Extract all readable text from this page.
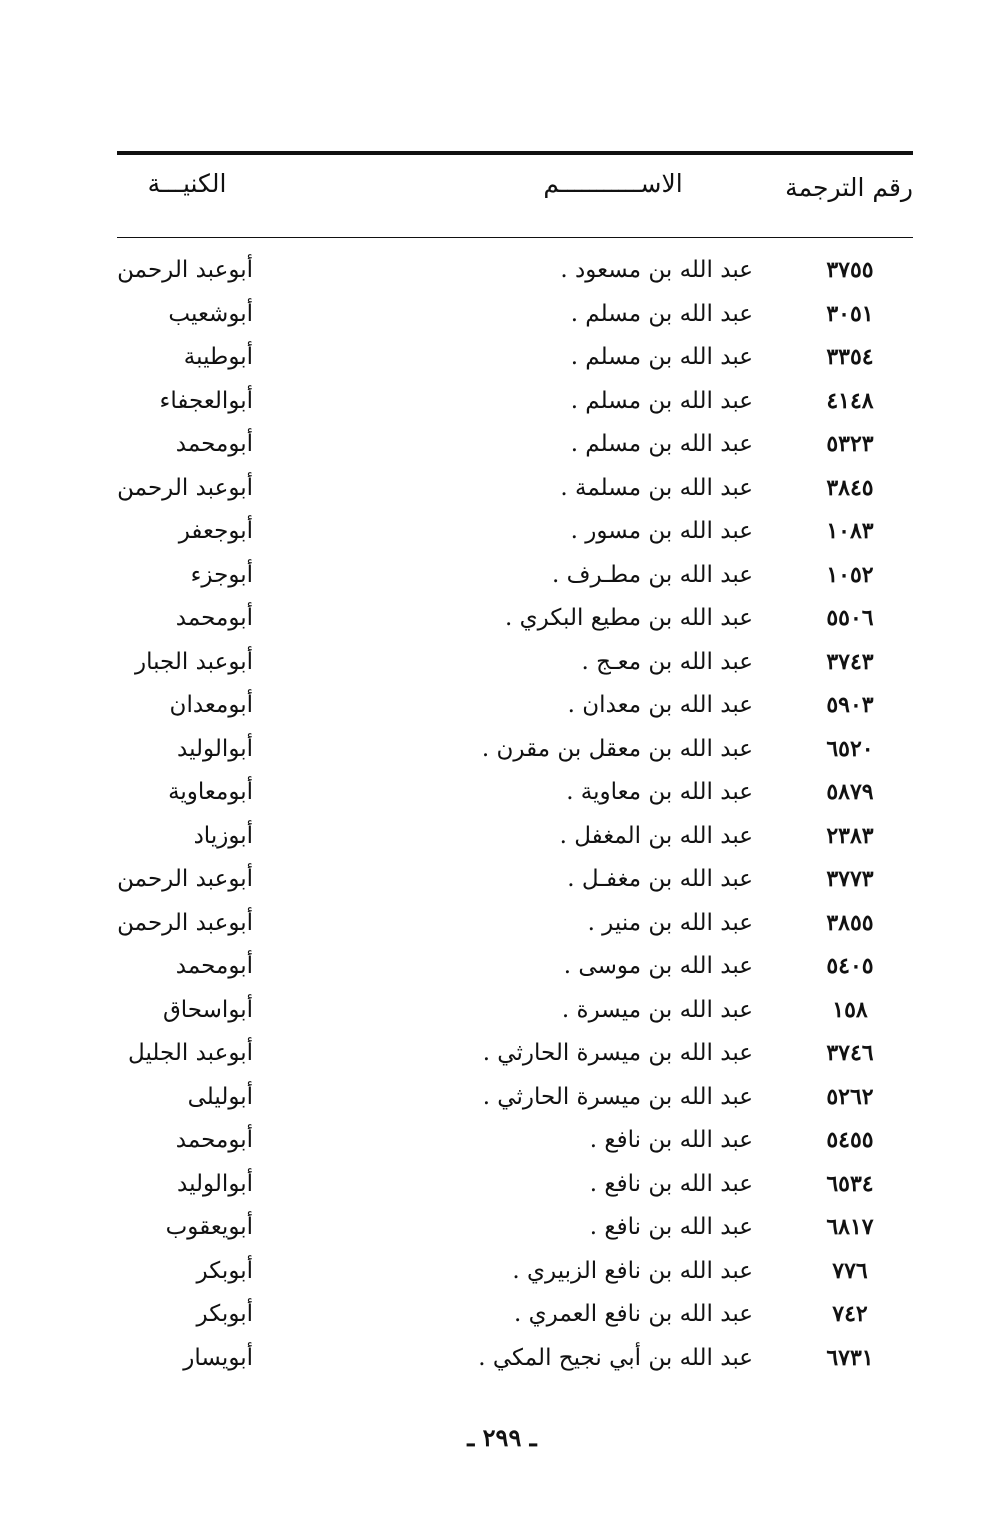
رقم الترجمة
الاســـــــــــم
الكنيـــة
٣٧٥٥
عبد الله بن مسعود .
أبوعبد الرحمن
٣٠٥١
عبد الله بن مسلم .
أبوشعيب
٣٣٥٤
عبد الله بن مسلم .
أبوطيبة
٤١٤٨
عبد الله بن مسلم .
أبوالعجفاء
٥٣٢٣
عبد الله بن مسلم .
أبومحمد
٣٨٤٥
عبد الله بن مسلمة .
أبوعبد الرحمن
١٠٨٣
عبد الله بن مسور .
أبوجعفر
١٠٥٢
عبد الله بن مطـرف .
أبوجزء
٥٥٠٦
عبد الله بن مطيع البكري .
أبومحمد
٣٧٤٣
عبد الله بن معـج .
أبوعبد الجبار
٥٩٠٣
عبد الله بن معدان .
أبومعدان
٦٥٢٠
عبد الله بن معقل بن مقرن .
أبوالوليد
٥٨٧٩
عبد الله بن معاوية .
أبومعاوية
٢٣٨٣
عبد الله بن المغفل .
أبوزياد
٣٧٧٣
عبد الله بن مغفـل .
أبوعبد الرحمن
٣٨٥٥
عبد الله بن منير .
أبوعبد الرحمن
٥٤٠٥
عبد الله بن موسى .
أبومحمد
١٥٨
عبد الله بن ميسرة .
أبواسحاق
٣٧٤٦
عبد الله بن ميسرة الحارثي .
أبوعبد الجليل
٥٢٦٢
عبد الله بن ميسرة الحارثي .
أبوليلى
٥٤٥٥
عبد الله بن نافع .
أبومحمد
٦٥٣٤
عبد الله بن نافع .
أبوالوليد
٦٨١٧
عبد الله بن نافع .
أبويعقوب
٧٧٦
عبد الله بن نافع الزبيري .
أبوبكر
٧٤٢
عبد الله بن نافع العمري .
أبوبكر
٦٧٣١
عبد الله بن أبي نجيح المكي .
أبويسار
ـ ٢٩٩ ـ
